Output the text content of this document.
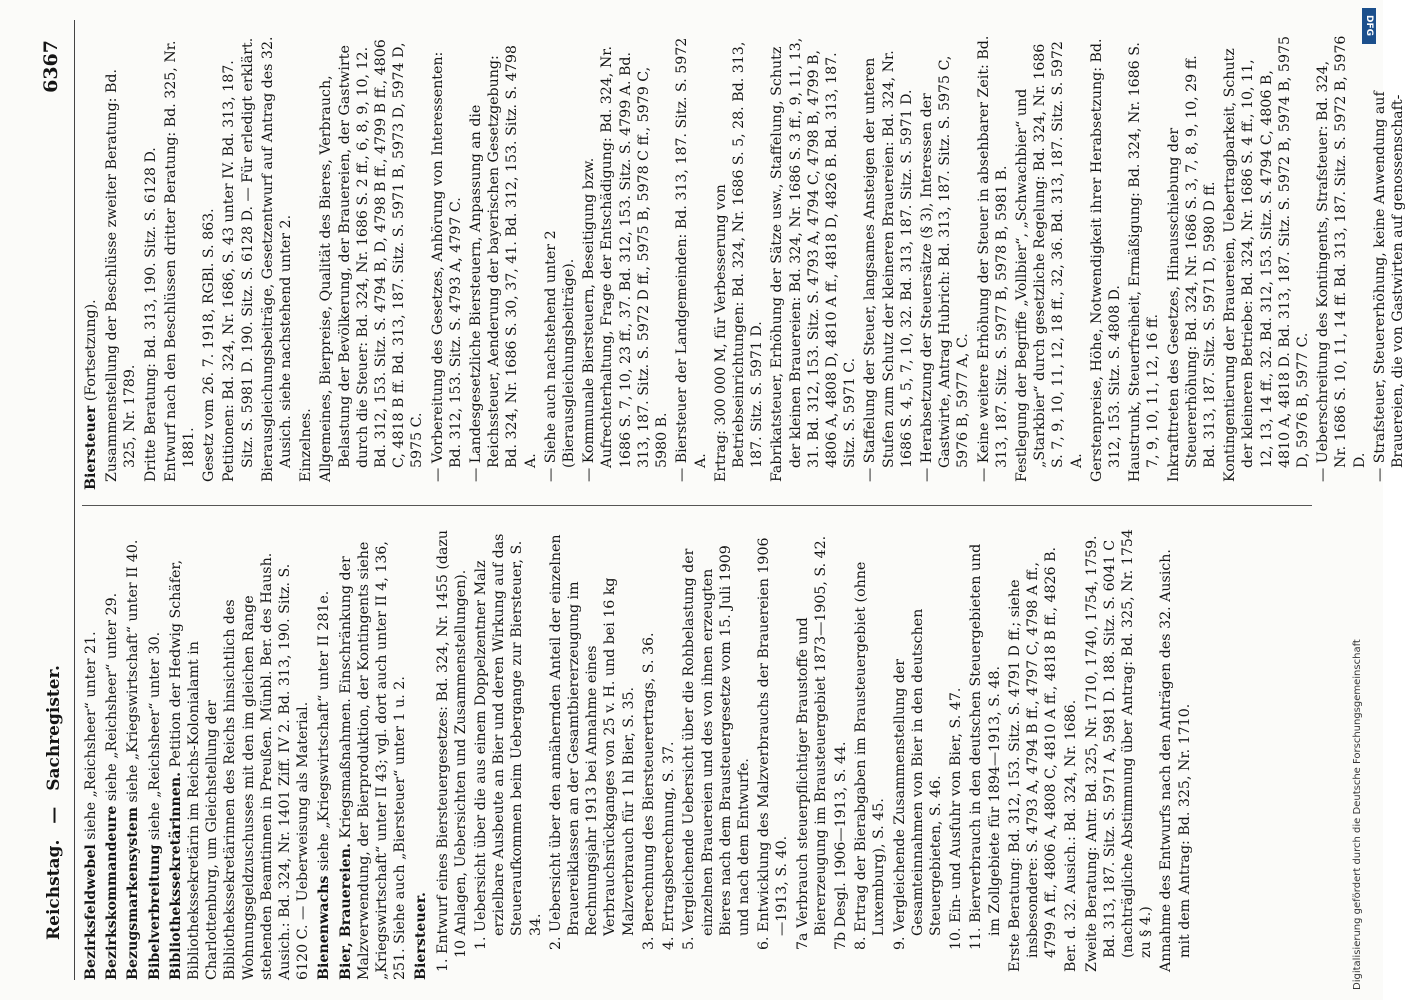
Reichstag. — Sachregister.
6367
Bezirksfeldwebel siehe „Reichsheer“ unter 21.
Bezirkskommandeure siehe „Reichsheer“ unter 29.
Bezugsmarkensystem siehe „Kriegswirtschaft“ unter II 40.
Bibelverbreitung siehe „Reichsheer“ unter 30.
Bibliothekssekretärinnen. Petition der Hedwig Schäfer, Bibliothekssekretärin im Reichs-Kolonialamt in Charlottenburg, um Gleichstellung der Bibliothekssekretärinnen des Reichs hinsichtlich des Wohnungsgeldzuschusses mit den im gleichen Range stehenden Beamtinnen in Preußen. Münbl. Ber. des Haush. Ausich.: Bd. 324, Nr. 1401 Ziff. IV 2. Bd. 313, 190. Sitz. S. 6120 C. — Ueberweisung als Material. Bienenwachs siehe „Kriegswirtschaft“ unter II 281e.
Bier, Brauereien. Kriegsmaßnahmen. Einschränkung der Malzverwendung, der Bierproduktion, der Kontingents siehe „Kriegswirtschaft“ unter II 43; vgl. dort auch unter II 4, 136, 251. Siehe auch „Biersteuer“ unter 1 u. 2. Biersteuer. 1. Entwurf eines Biersteuergesetzes: Bd. 324, Nr. 1455 (dazu 10 Anlagen, Uebersichten und Zusammenstellungen). 1. Uebersicht über die aus einem Doppelzentner Malz erzielbare Ausbeute an Bier und deren Wirkung auf das Steueraufkommen beim Uebergange zur Biersteuer, S. 34. 2. Uebersicht über den annähernden Anteil der einzelnen Brauereiklassen an der Gesamtbiererzeugung im Rechnungsjahr 1913 bei Annahme eines Verbrauchsrückganges von 25 v. H. und bei 16 kg Malzverbrauch für 1 hl Bier, S. 35. 3. Berechnung des Biersteuerertrags, S. 36. 4. Ertragsberechnung, S. 37. 5. Vergleichende Uebersicht über die Rohbelastung der einzelnen Brauereien und des von ihnen erzeugten Bieres nach dem Brausteuergesetze vom 15. Juli 1909 und nach dem Entwurfe. 6. Entwicklung des Malzverbrauchs der Brauereien 1906—1913, S. 40. 7a Verbrauch steuerpflichtiger Braustoffe und Biererzeugung im Brausteuergebiet 1873—1905, S. 42. 7b Desgl. 1906—1913, S. 44. 8. Ertrag der Bierabgaben im Brausteuergebiet (ohne Luxemburg), S. 45. 9. Vergleichende Zusammenstellung der Gesamteinnahmen von Bier in den deutschen Steuergebieten, S. 46. 10. Ein- und Ausfuhr von Bier, S. 47. 11. Bierverbrauch in den deutschen Steuergebieten und im Zollgebiete für 1894—1913, S. 48. Erste Beratung: Bd. 312, 153. Sitz. S. 4791 D ff.; siehe insbesondere: S. 4793 A, 4794 B ff., 4797 C, 4798 A ff., 4799 A ff., 4806 A, 4808 C, 4810 A ff., 4818 B ff., 4826 B. Ber. d. 32. Ausich.: Bd. 324, Nr. 1686. Zweite Beratung: Antr. Bd. 325, Nr. 1710, 1740, 1754, 1759. Bd. 313, 187. Sitz. S. 5971 A, 5981 D. 188. Sitz. S. 6041 C (nachträgliche Abstimmung über Antrag: Bd. 325, Nr. 1754 zu § 4.) Annahme des Entwurfs nach den Anträgen des 32. Ausich. mit dem Antrag: Bd. 325, Nr. 1710.
Biersteuer (Fortsetzung). Zusammenstellung der Beschlüsse zweiter Beratung: Bd. 325, Nr. 1789. Dritte Beratung: Bd. 313, 190. Sitz. S. 6128 D. Entwurf nach den Beschlüssen dritter Beratung: Bd. 325, Nr. 1881. Gesetz vom 26. 7. 1918, RGBl. S. 863. Petitionen: Bd. 324, Nr. 1686, S. 43 unter IV. Bd. 313, 187. Sitz. S. 5981 D. 190. Sitz. S. 6128 D. — Für erledigt erklärt. Bierausgleichungsbeiträge, Gesetzentwurf auf Antrag des 32. Ausich. siehe nachstehend unter 2. Einzelnes. Allgemeines, Bierpreise, Qualität des Bieres, Verbrauch, Belastung der Bevölkerung, der Brauereien, der Gastwirte durch die Steuer: Bd. 324, Nr. 1686 S. 2 ff., 6, 8, 9, 10, 12. Bd. 312, 153. Sitz. S. 4794 B, D, 4798 B ff., 4799 B ff., 4806 C, 4818 B ff. Bd. 313, 187. Sitz. S. 5971 B, 5973 D, 5974 D, 5975 C. — Vorbereitung des Gesetzes, Anhörung von Interessenten: Bd. 312, 153. Sitz. S. 4793 A, 4797 C. — Landesgesetzliche Biersteuern, Anpassung an die Reichssteuer, Aenderung der bayerischen Gesetzgebung: Bd. 324, Nr. 1686 S. 30, 37, 41. Bd. 312, 153. Sitz. S. 4798 A. — Siehe auch nachstehend unter 2 (Bierausgleichungsbeiträge). — Kommunale Biersteuern, Beseitigung bzw. Aufrechterhaltung, Frage der Entschädigung: Bd. 324, Nr. 1686 S. 7, 10, 23 ff., 37. Bd. 312, 153. Sitz. S. 4799 A. Bd. 313, 187. Sitz. S. 5972 D ff., 5975 B, 5978 C ff., 5979 C, 5980 B. — Biersteuer der Landgemeinden: Bd. 313, 187. Sitz. S. 5972 A. Ertrag: 300 000 M, für Verbesserung von Betriebseinrichtungen: Bd. 324, Nr. 1686 S. 5, 28. Bd. 313, 187. Sitz. S. 5971 D. Fabrikatsteuer, Erhöhung der Sätze usw., Staffelung, Schutz der kleinen Brauereien: Bd. 324, Nr. 1686 S. 3 ff., 9, 11, 13, 31. Bd. 312, 153. Sitz. S. 4793 A, 4794 C, 4798 B, 4799 B, 4806 A, 4808 D, 4810 A ff., 4818 D, 4826 B. Bd. 313, 187. Sitz. S. 5971 C. — Staffelung der Steuer, langsames Ansteigen der unteren Stufen zum Schutz der kleineren Brauereien: Bd. 324, Nr. 1686 S. 4, 5, 7, 10, 32. Bd. 313, 187. Sitz. S. 5971 D. — Herabsetzung der Steuersätze (§ 3), Interessen der Gastwirte, Antrag Hubrich: Bd. 313, 187. Sitz. S. 5975 C, 5976 B, 5977 A, C. — Keine weitere Erhöhung der Steuer in absehbarer Zeit: Bd. 313, 187. Sitz. S. 5977 B, 5978 B, 5981 B. Festlegung der Begriffe „Vollbier“, „Schwachbier“ und „Starkbier“ durch gesetzliche Regelung: Bd. 324, Nr. 1686 S. 7, 9, 10, 11, 12, 18 ff., 32, 36. Bd. 313, 187. Sitz. S. 5972 A. Gerstenpreise, Höhe, Notwendigkeit ihrer Herabsetzung: Bd. 312, 153. Sitz. S. 4808 D. Haustrunk, Steuerfreiheit, Ermäßigung: Bd. 324, Nr. 1686 S. 7, 9, 10, 11, 12, 16 ff. Inkrafttreten des Gesetzes, Hinausschiebung der Steuererhöhung: Bd. 324, Nr. 1686 S. 3, 7, 8, 9, 10, 29 ff. Bd. 313, 187. Sitz. S. 5971 D, 5980 D ff. Kontingentierung der Brauereien, Uebertragbarkeit, Schutz der kleineren Betriebe: Bd. 324, Nr. 1686 S. 4 ff., 10, 11, 12, 13, 14 ff., 32. Bd. 312, 153. Sitz. S. 4794 C, 4806 B, 4810 A, 4818 D. Bd. 313, 187. Sitz. S. 5972 B, 5974 B, 5975 D, 5976 B, 5977 C. — Ueberschreitung des Kontingents, Strafsteuer: Bd. 324, Nr. 1686 S. 10, 11, 14 ff. Bd. 313, 187. Sitz. S. 5972 B, 5976 D. — Strafsteuer, Steuererhöhung, keine Anwendung auf Brauereien, die von Gastwirten auf genossenschaft-
DFG
Digitalisierung gefördert durch die Deutsche Forschungsgemeinschaft
